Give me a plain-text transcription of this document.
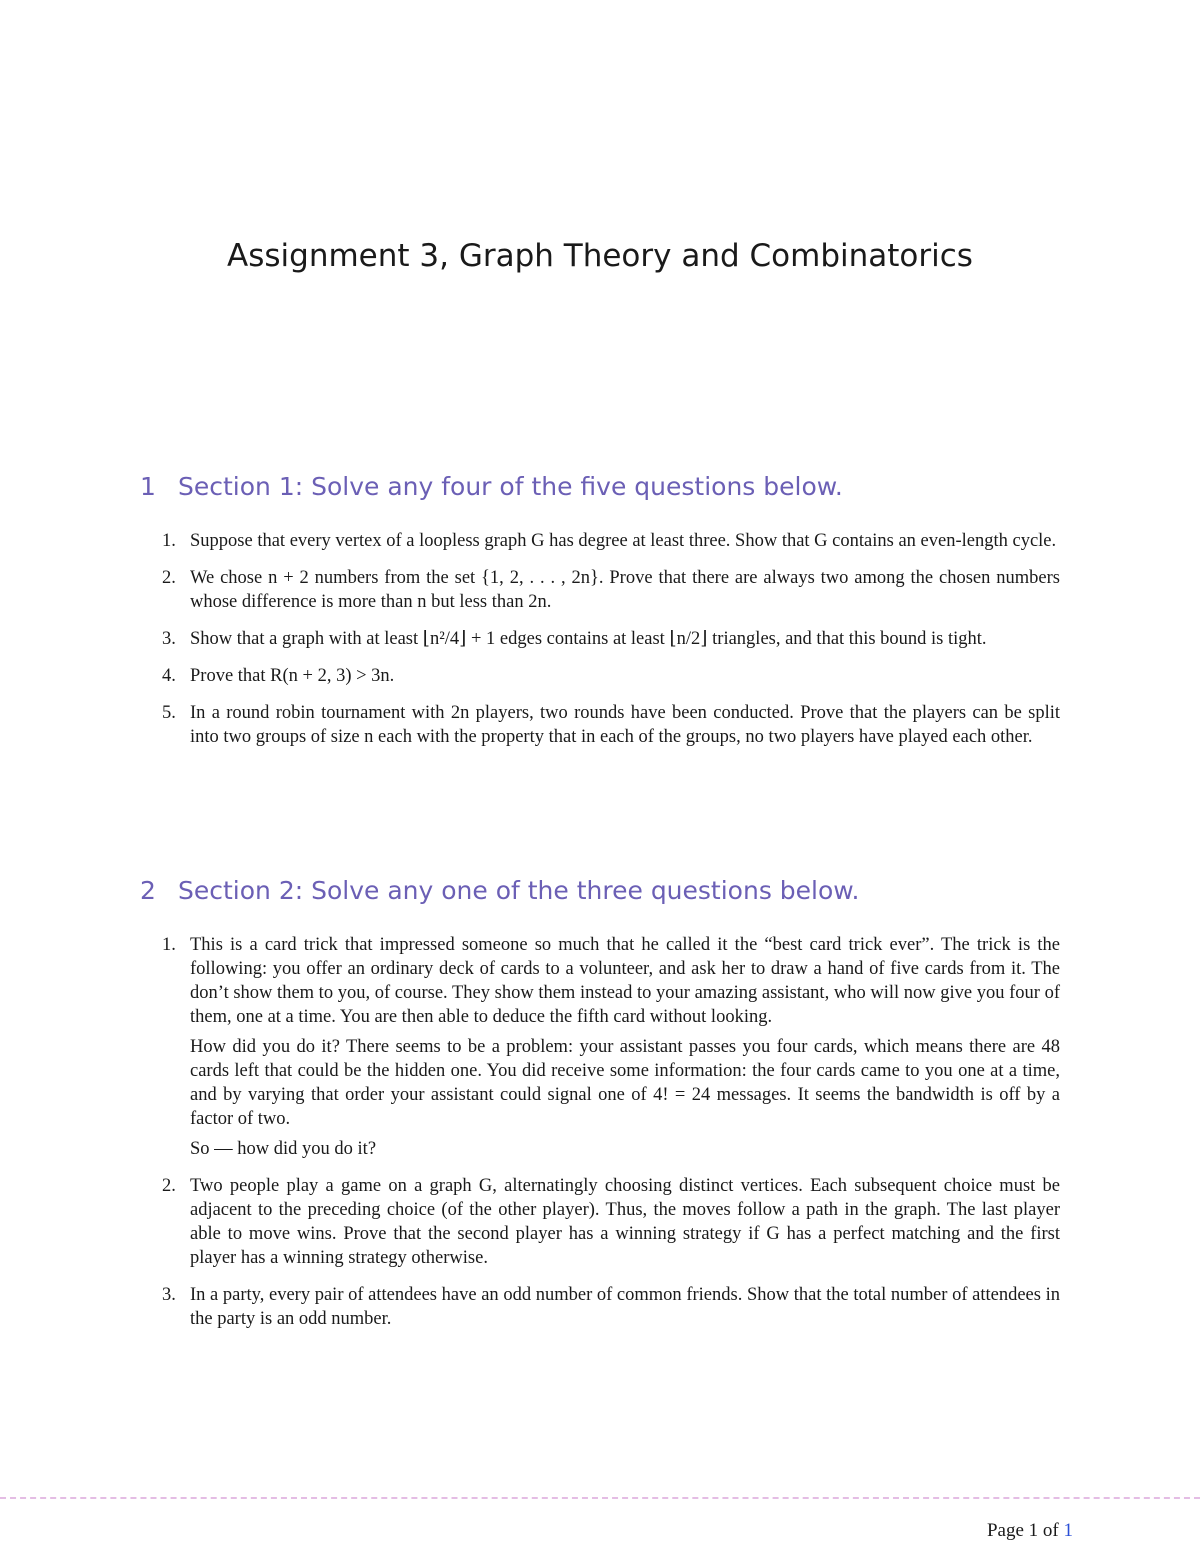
Assignment 3, Graph Theory and Combinatorics
1 Section 1: Solve any four of the five questions below.
1. Suppose that every vertex of a loopless graph G has degree at least three. Show that G contains an even-length cycle.

2. We chose n + 2 numbers from the set {1, 2, . . . , 2n}. Prove that there are always two among the chosen numbers whose difference is more than n but less than 2n.

3. Show that a graph with at least ⌊n²/4⌋ + 1 edges contains at least ⌊n/2⌋ triangles, and that this bound is tight.

4. Prove that R(n + 2, 3) > 3n.

5. In a round robin tournament with 2n players, two rounds have been conducted. Prove that the players can be split into two groups of size n each with the property that in each of the groups, no two players have played each other.

2 Section 2: Solve any one of the three questions below.
1. This is a card trick that impressed someone so much that he called it the “best card trick ever”. The trick is the following: you offer an ordinary deck of cards to a volunteer, and ask her to draw a hand of five cards from it. The don’t show them to you, of course. They show them instead to your amazing assistant, who will now give you four of them, one at a time. You are then able to deduce the fifth card without looking.

How did you do it? There seems to be a problem: your assistant passes you four cards, which means there are 48 cards left that could be the hidden one. You did receive some information: the four cards came to you one at a time, and by varying that order your assistant could signal one of 4! = 24 messages. It seems the bandwidth is off by a factor of two.

So — how did you do it?

2. Two people play a game on a graph G, alternatingly choosing distinct vertices. Each subsequent choice must be adjacent to the preceding choice (of the other player). Thus, the moves follow a path in the graph. The last player able to move wins. Prove that the second player has a winning strategy if G has a perfect matching and the first player has a winning strategy otherwise.

3. In a party, every pair of attendees have an odd number of common friends. Show that the total number of attendees in the party is an odd number.

Page 1 of 1
